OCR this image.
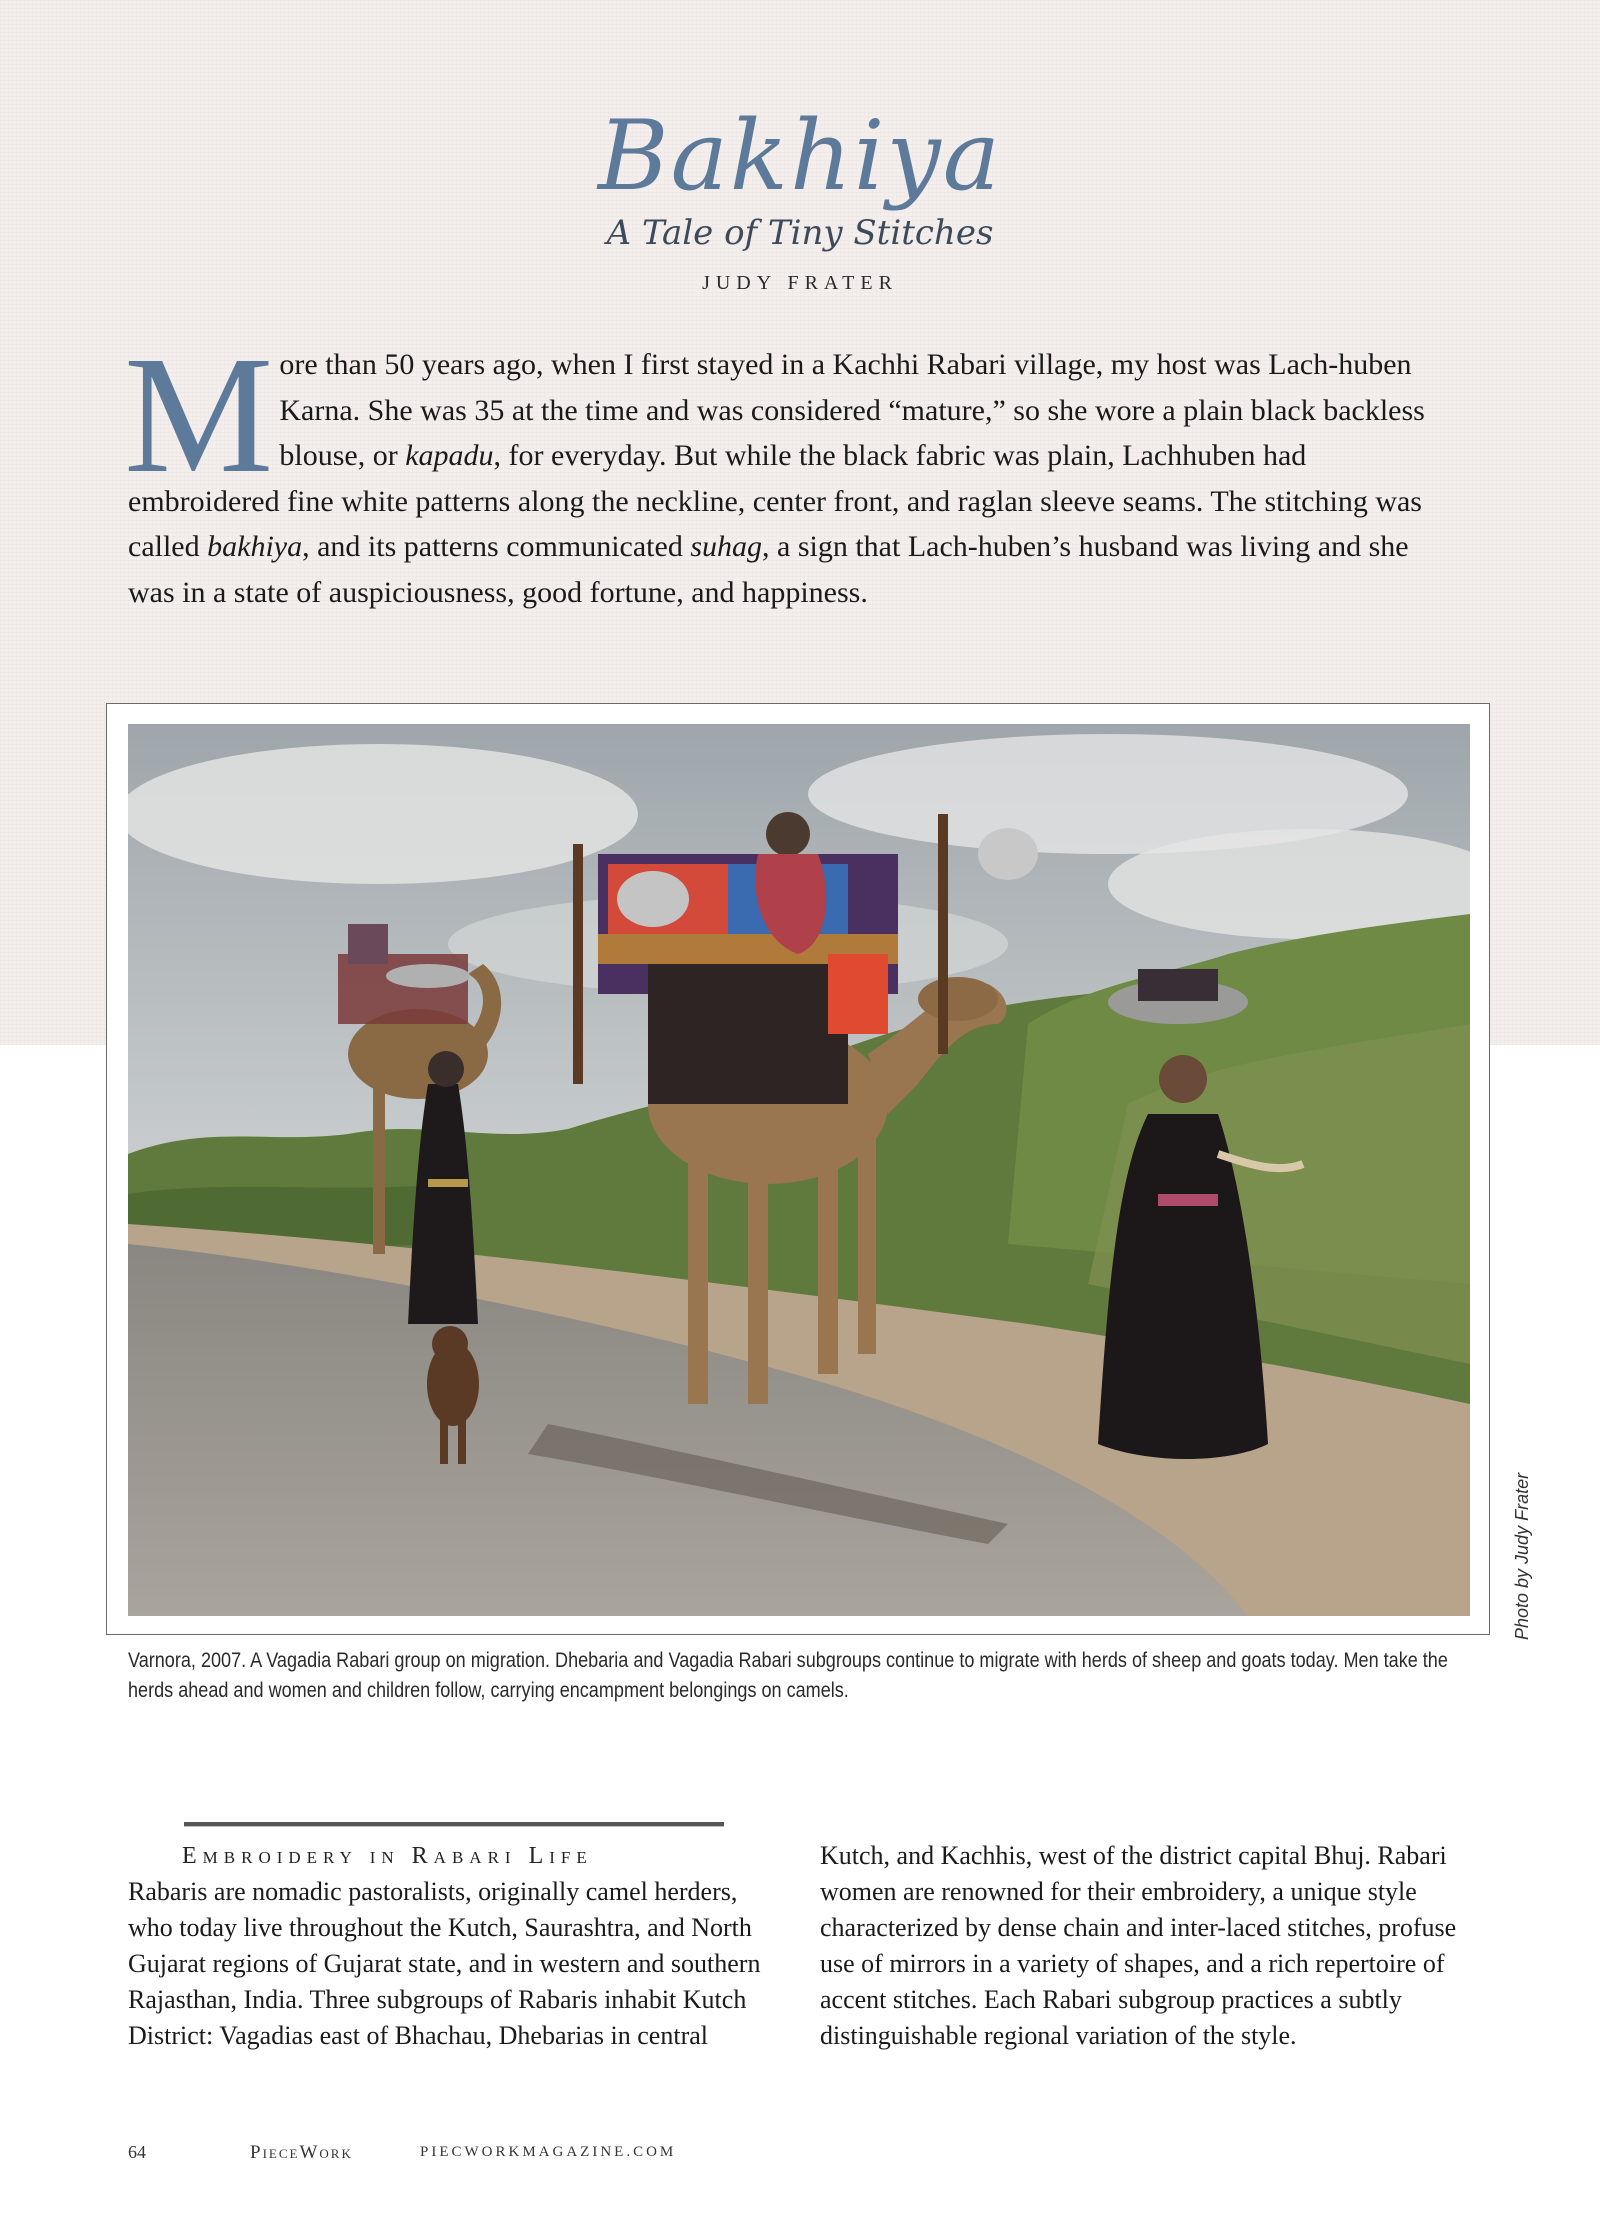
Bakhiya
A Tale of Tiny Stitches
JUDY FRATER
M ore than 50 years ago, when I first stayed in a Kachhi Rabari village, my host was Lach-huben Karna. She was 35 at the time and was considered “mature,” so she wore a plain black backless blouse, or kapadu, for everyday. But while the black fabric was plain, Lachhuben had embroidered fine white patterns along the neckline, center front, and raglan sleeve seams. The stitching was called bakhiya, and its patterns communicated suhag, a sign that Lach-huben’s husband was living and she was in a state of auspiciousness, good fortune, and happiness.

Photo by Judy Frater
Varnora, 2007. A Vagadia Rabari group on migration. Dhebaria and Vagadia Rabari subgroups continue to migrate with herds of sheep and goats today. Men take the herds ahead and women and children follow, carrying encampment belongings on camels.
Embroidery in Rabari Life

Rabaris are nomadic pastoralists, originally camel herders, who today live throughout the Kutch, Saurashtra, and North Gujarat regions of Gujarat state, and in western and southern Rajasthan, India. Three subgroups of Rabaris inhabit Kutch District: Vagadias east of Bhachau, Dhebarias in central

Kutch, and Kachhis, west of the district capital Bhuj. Rabari women are renowned for their embroidery, a unique style characterized by dense chain and inter-laced stitches, profuse use of mirrors in a variety of shapes, and a rich repertoire of accent stitches. Each Rabari subgroup practices a subtly distinguishable regional variation of the style.

64	PieceWork	PIECWORKMAGAZINE.COM
